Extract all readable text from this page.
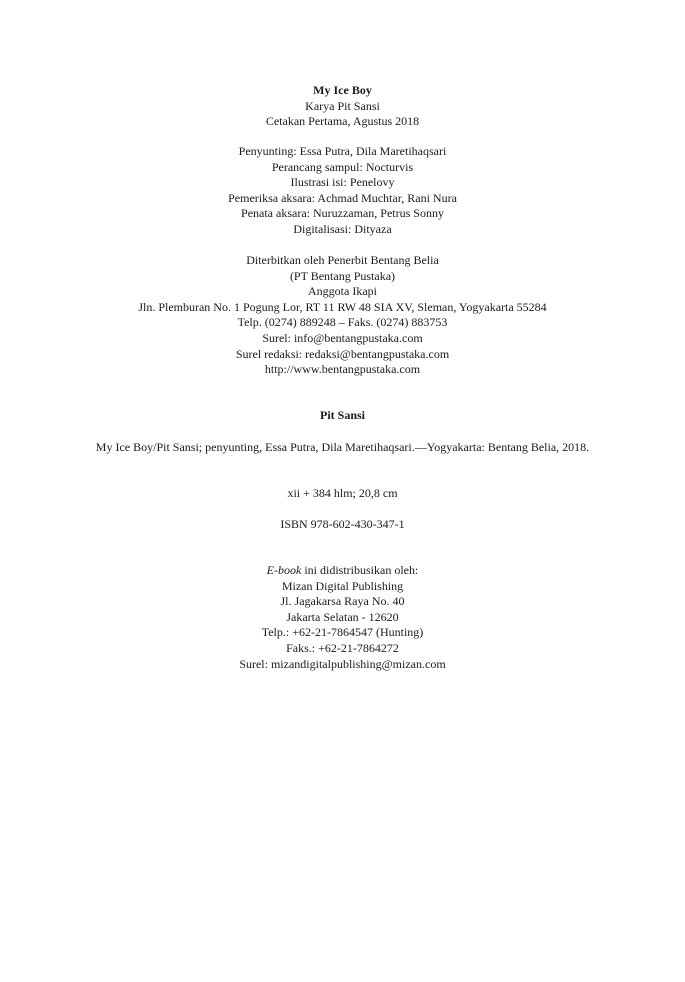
My Ice Boy
Karya Pit Sansi
Cetakan Pertama, Agustus 2018
Penyunting: Essa Putra, Dila Maretihaqsari
Perancang sampul: Nocturvis
Ilustrasi isi: Penelovy
Pemeriksa aksara: Achmad Muchtar, Rani Nura
Penata aksara: Nuruzzaman, Petrus Sonny
Digitalisasi: Dityaza
Diterbitkan oleh Penerbit Bentang Belia
(PT Bentang Pustaka)
Anggota Ikapi
Jln. Plemburan No. 1 Pogung Lor, RT 11 RW 48 SIA XV, Sleman, Yogyakarta 55284
Telp. (0274) 889248 – Faks. (0274) 883753
Surel: info@bentangpustaka.com
Surel redaksi: redaksi@bentangpustaka.com
http://www.bentangpustaka.com
Pit Sansi
My Ice Boy/Pit Sansi; penyunting, Essa Putra, Dila Maretihaqsari.—Yogyakarta: Bentang Belia, 2018.
xii + 384 hlm; 20,8 cm
ISBN 978-602-430-347-1
E-book ini didistribusikan oleh:
Mizan Digital Publishing
Jl. Jagakarsa Raya No. 40
Jakarta Selatan - 12620
Telp.: +62-21-7864547 (Hunting)
Faks.: +62-21-7864272
Surel: mizandigitalpublishing@mizan.com
